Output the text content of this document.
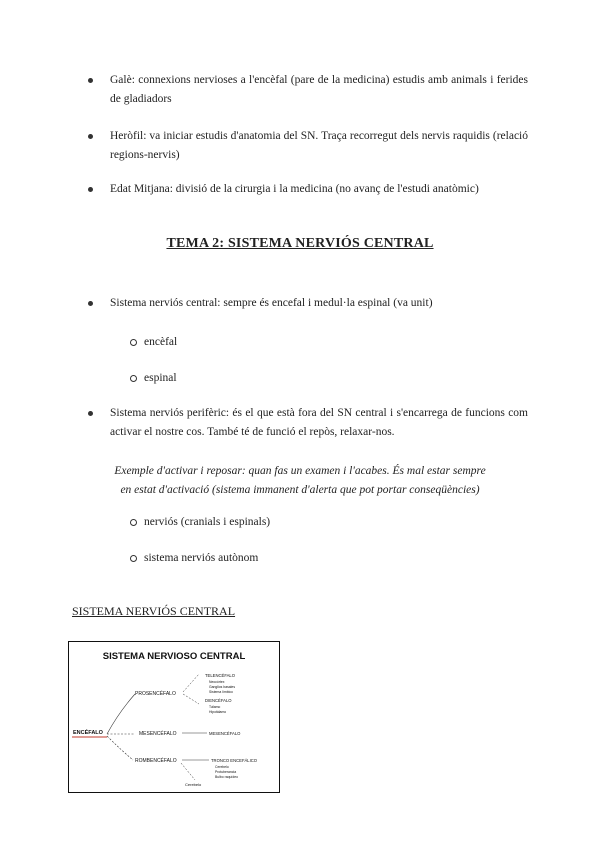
Galè: connexions nervioses a l'encèfal (pare de la medicina) estudis amb animals i ferides de gladiadors
Heròfil: va iniciar estudis d'anatomia del SN. Traça recorregut dels nervis raquidis (relació regions-nervis)
Edat Mitjana: divisió de la cirurgia i la medicina (no avanç de l'estudi anatòmic)
TEMA 2: SISTEMA NERVIÓS CENTRAL
Sistema nerviós central: sempre és encefal i medul·la espinal (va unit)
encèfal
espinal
Sistema nerviós perifèric: és el que està fora del SN central i s'encarrega de funcions com activar el nostre cos. També té de funció el repòs, relaxar-nos.
Exemple d'activar i reposar: quan fas un examen i l'acabes. És mal estar sempre en estat d'activació (sistema immanent d'alerta que pot portar conseqüències)
nerviós (cranials i espinals)
sistema nerviós autònom
SISTEMA NERVIÓS CENTRAL
SISTEMA NERVIOSO CENTRAL
ENCÉFALO
PROSENCÉFALO
MESENCÉFALO
ROMBENCÉFALO
TELENCÉFALO
Neocórtex
Ganglios basales
Sistema límbico
DIENCÉFALO
Tálamo
Hipotálamo
MESENCÉFALO
TRONCO ENCEFÁLICO
Cerebelo
Protuberancia
Bulbo raquídeo
Cerebelo
